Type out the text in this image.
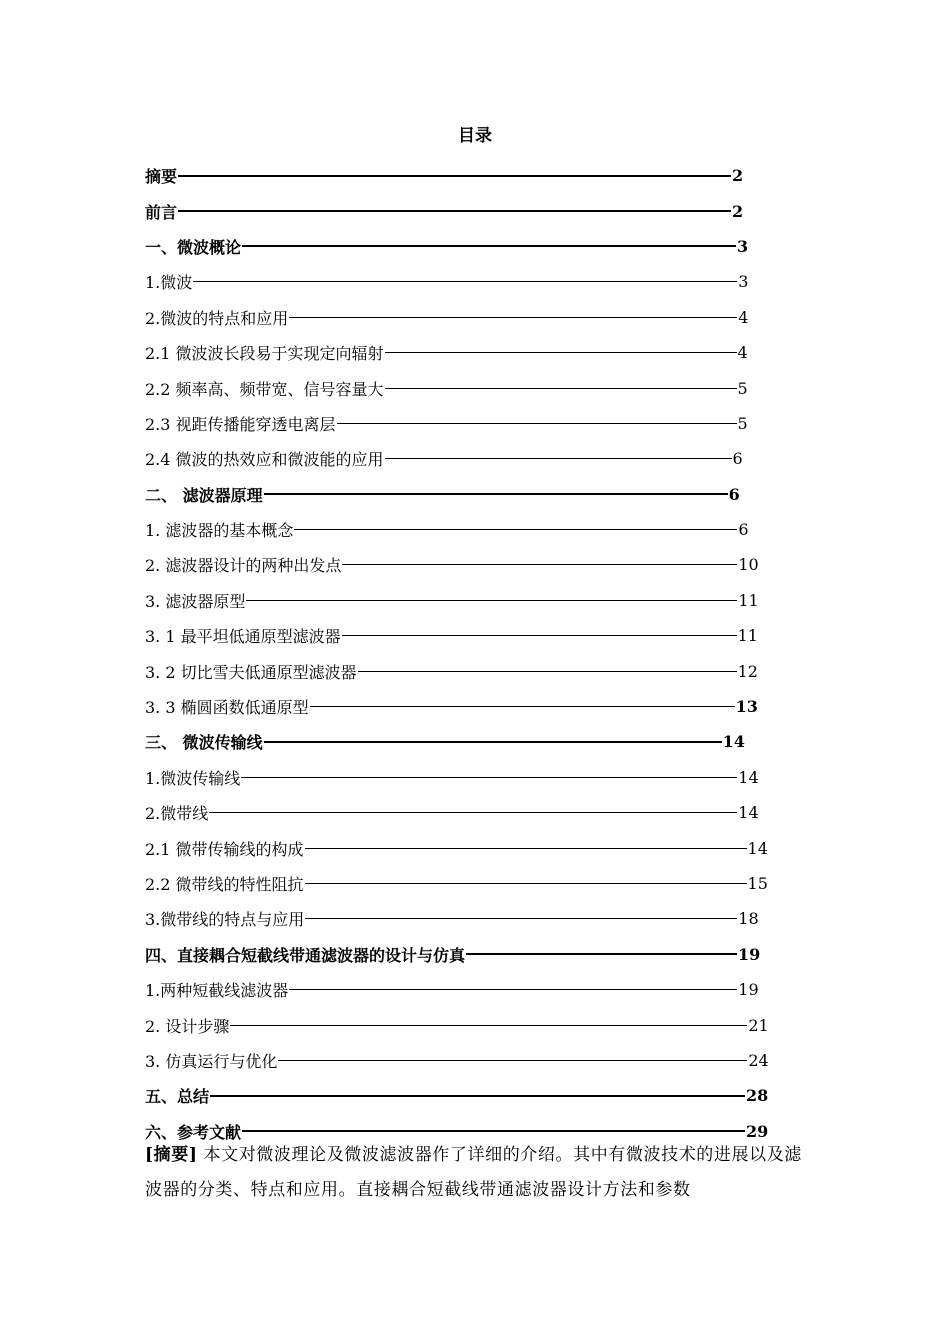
目录
摘要	2
前言	2
一、微波概论	3
1.微波	3
2.微波的特点和应用	4
2.1 微波波长段易于实现定向辐射	4
2.2 频率高、频带宽、信号容量大	5
2.3 视距传播能穿透电离层	5
2.4 微波的热效应和微波能的应用	6
二、 滤波器原理	6
1. 滤波器的基本概念	6
2. 滤波器设计的两种出发点	10
3. 滤波器原型	11
3. 1 最平坦低通原型滤波器	11
3. 2 切比雪夫低通原型滤波器	12
3. 3 椭圆函数低通原型	13
三、 微波传输线	14
1.微波传输线	14
2.微带线	14
2.1 微带传输线的构成	14
2.2 微带线的特性阻抗	15
3.微带线的特点与应用	18
四、直接耦合短截线带通滤波器的设计与仿真	19
1.两种短截线滤波器	19
2. 设计步骤	21
3. 仿真运行与优化	24
五、总结	28
六、参考文献	29
[摘要] 本文对微波理论及微波滤波器作了详细的介绍。其中有微波技术的进展以及滤波器的分类、特点和应用。直接耦合短截线带通滤波器设计方法和参数
